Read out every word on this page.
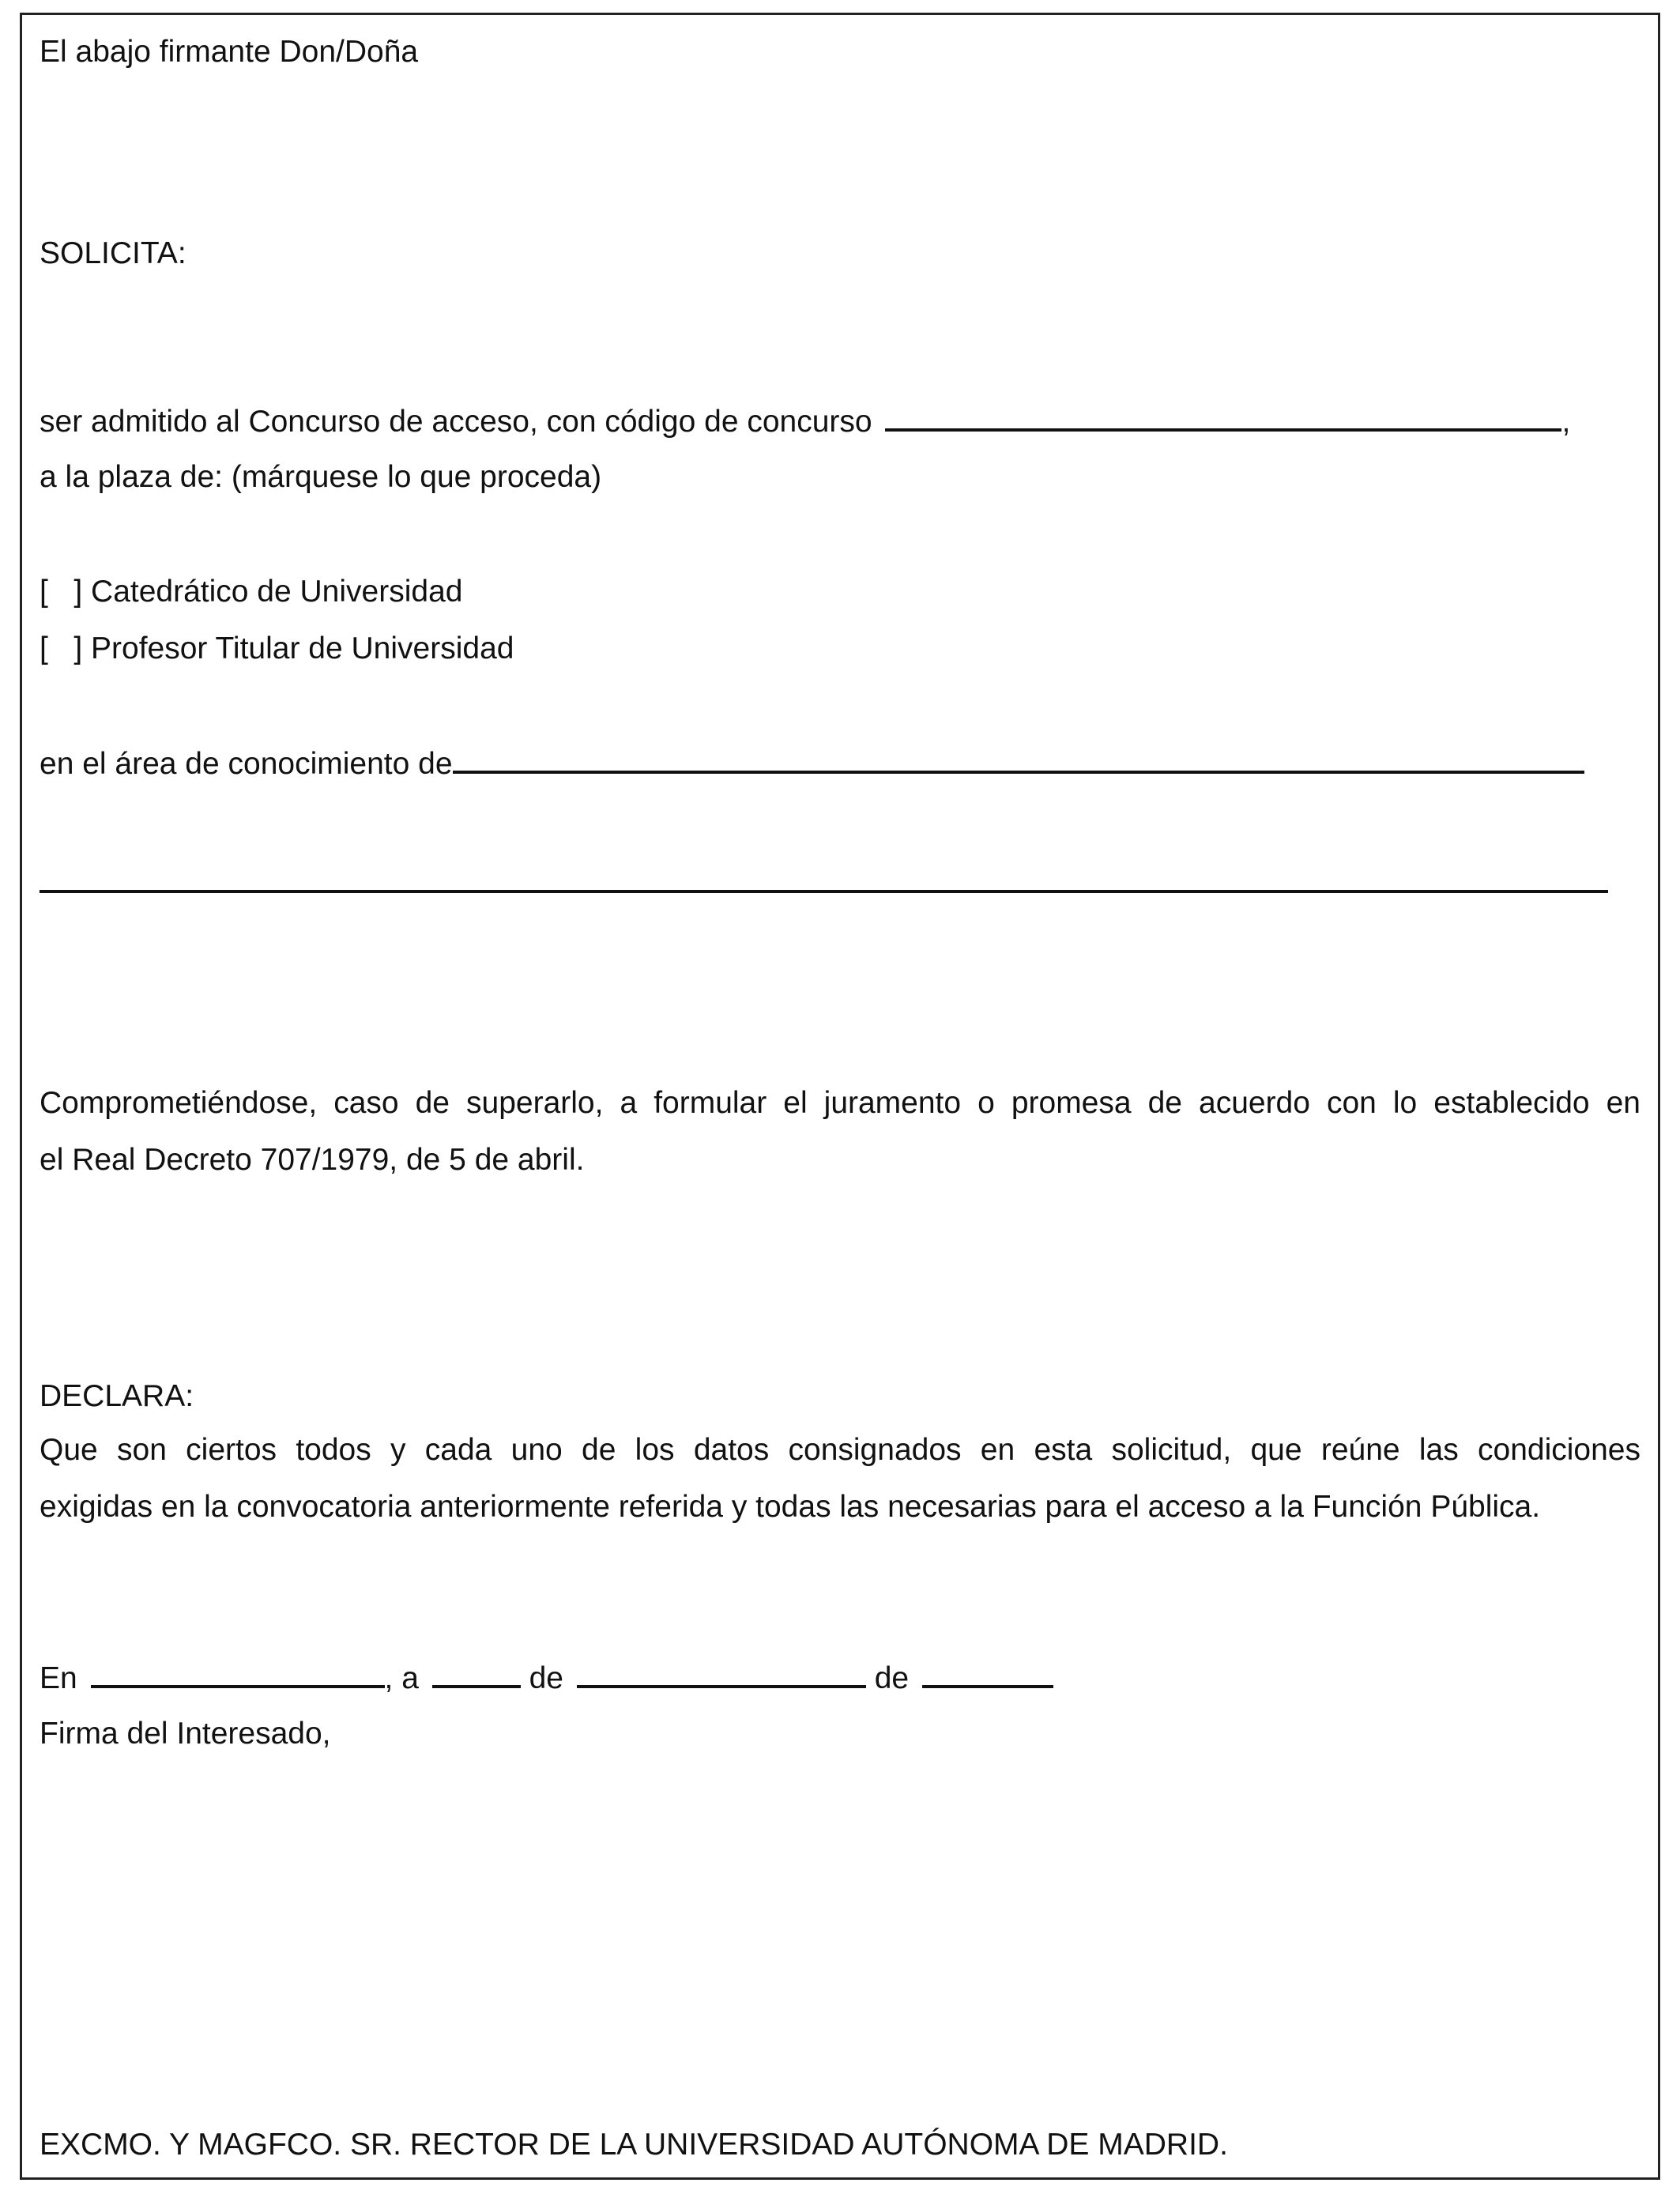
El abajo firmante Don/Doña
SOLICITA:
ser admitido al Concurso de acceso, con código de concurso	,
a la plaza de: (márquese lo que proceda)
[   ] Catedrático de Universidad
[   ] Profesor Titular de Universidad
en el área de conocimiento de
Comprometiéndose, caso de superarlo, a formular el juramento o promesa de acuerdo con lo establecido en
el Real Decreto 707/1979, de 5 de abril.
DECLARA:
Que son ciertos todos y cada uno de los datos consignados en esta solicitud, que reúne las condiciones
exigidas en la convocatoria anteriormente referida y todas las necesarias para el acceso a la Función Pública.
En	, a	de	de
Firma del Interesado,
EXCMO. Y MAGFCO. SR. RECTOR DE LA UNIVERSIDAD AUTÓNOMA DE MADRID.
